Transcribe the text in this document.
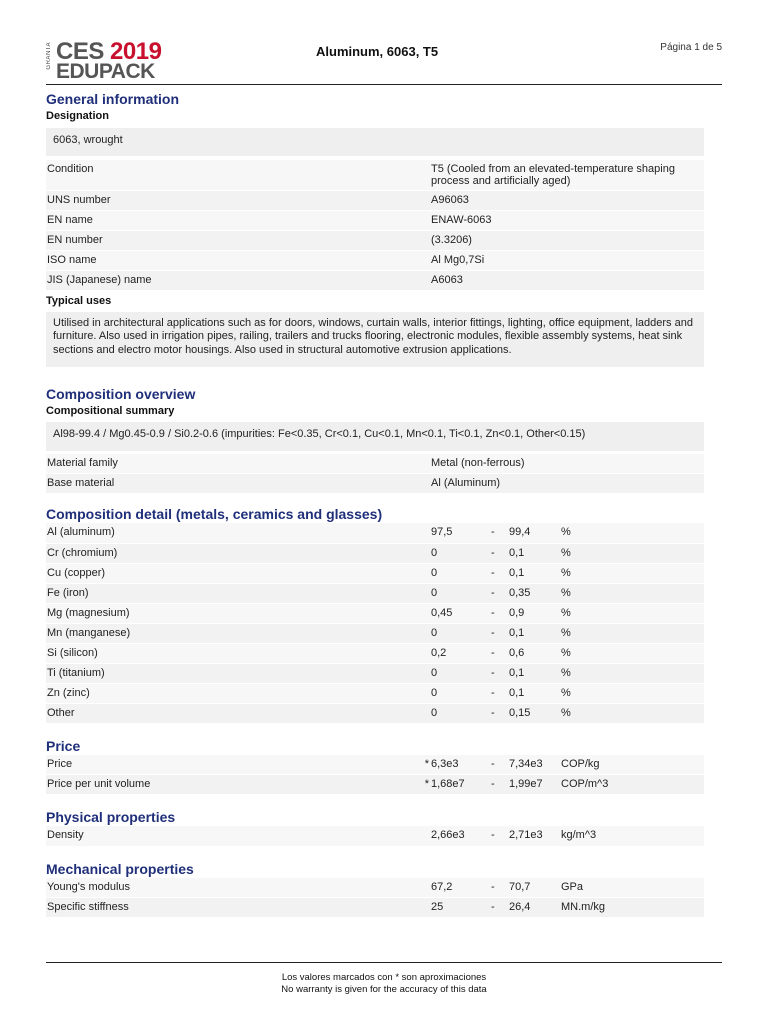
GRANTA CES 2019
EDUPACK
Aluminum, 6063, T5	Página 1 de 5
General information
Designation
6063, wrought
Condition	T5 (Cooled from an elevated-temperature shaping process and artificially aged)
UNS number	A96063
EN name	ENAW-6063
EN number	(3.3206)
ISO name	Al Mg0,7Si
JIS (Japanese) name	A6063
Typical uses
Utilised in architectural applications such as for doors, windows, curtain walls, interior fittings, lighting, office equipment, ladders and furniture. Also used in irrigation pipes, railing, trailers and trucks flooring, electronic modules, flexible assembly systems, heat sink sections and electro motor housings. Also used in structural automotive extrusion applications.
Composition overview
Compositional summary
Al98-99.4 / Mg0.45-0.9 / Si0.2-0.6 (impurities: Fe<0.35, Cr<0.1, Cu<0.1, Mn<0.1, Ti<0.1, Zn<0.1, Other<0.15)
Material family	Metal (non-ferrous)
Base material	Al (Aluminum)
Composition detail (metals, ceramics and glasses)
Al (aluminum)		97,5	-	99,4	%
Cr (chromium)		0	-	0,1	%
Cu (copper)		0	-	0,1	%
Fe (iron)		0	-	0,35	%
Mg (magnesium)		0,45	-	0,9	%
Mn (manganese)		0	-	0,1	%
Si (silicon)		0,2	-	0,6	%
Ti (titanium)		0	-	0,1	%
Zn (zinc)		0	-	0,1	%
Other		0	-	0,15	%
Price
Price	*	6,3e3	-	7,34e3	COP/kg
Price per unit volume	*	1,68e7	-	1,99e7	COP/m^3
Physical properties
Density		2,66e3	-	2,71e3	kg/m^3
Mechanical properties
Young's modulus		67,2	-	70,7	GPa
Specific stiffness		25	-	26,4	MN.m/kg
Los valores marcados con * son aproximaciones
No warranty is given for the accuracy of this data
